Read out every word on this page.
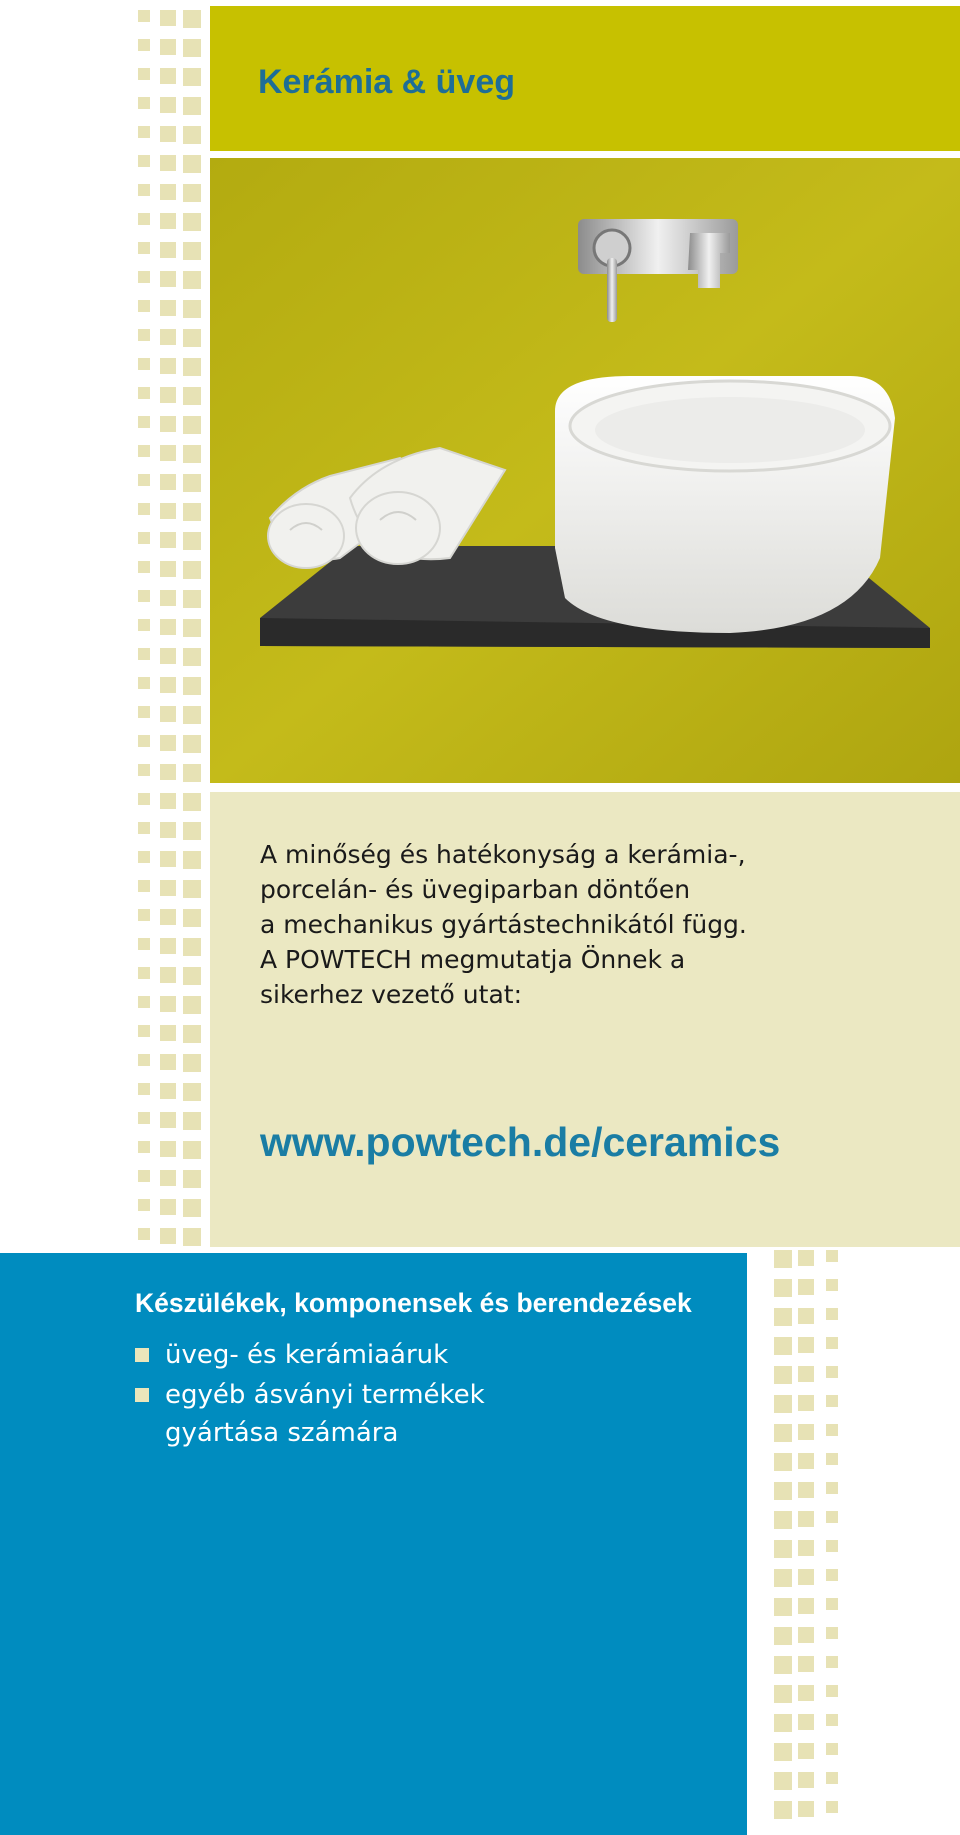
Kerámia & üveg
A minőség és hatékonyság a kerámia-,
porcelán- és üvegiparban döntően
a mechanikus gyártástechnikától függ.
A POWTECH megmutatja Önnek a
sikerhez vezető utat:
www.powtech.de/ceramics
Készülékek, komponensek és berendezések
üveg- és kerámiaáruk
egyéb ásványi termékek
gyártása számára
